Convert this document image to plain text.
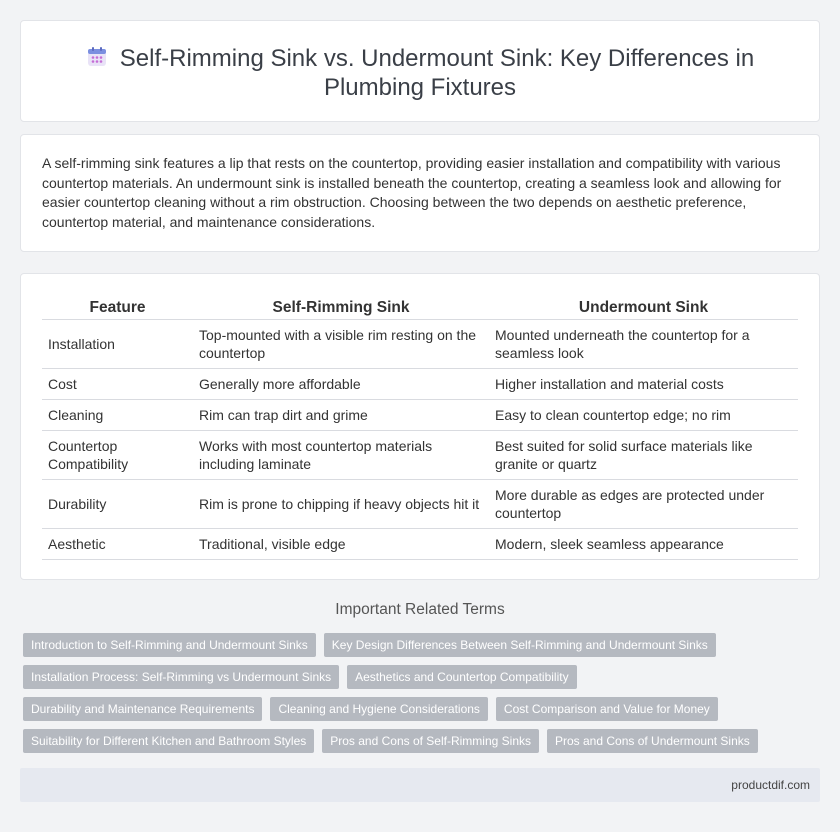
Self-Rimming Sink vs. Undermount Sink: Key Differences in
Plumbing Fixtures

A self-rimming sink features a lip that rests on the countertop, providing easier installation and compatibility with various countertop materials. An undermount sink is installed beneath the countertop, creating a seamless look and allowing for easier countertop cleaning without a rim obstruction. Choosing between the two depends on aesthetic preference, countertop material, and maintenance considerations.

Feature	Self-Rimming Sink	Undermount Sink
Installation	Top-mounted with a visible rim resting on the countertop	Mounted underneath the countertop for a seamless look
Cost	Generally more affordable	Higher installation and material costs
Cleaning	Rim can trap dirt and grime	Easy to clean countertop edge; no rim
Countertop Compatibility	Works with most countertop materials including laminate	Best suited for solid surface materials like granite or quartz
Durability	Rim is prone to chipping if heavy objects hit it	More durable as edges are protected under countertop
Aesthetic	Traditional, visible edge	Modern, sleek seamless appearance
Important Related Terms
Introduction to Self-Rimming and Undermount Sinks	Key Design Differences Between Self-Rimming and Undermount Sinks
Installation Process: Self-Rimming vs Undermount Sinks	Aesthetics and Countertop Compatibility
Durability and Maintenance Requirements	Cleaning and Hygiene Considerations	Cost Comparison and Value for Money
Suitability for Different Kitchen and Bathroom Styles	Pros and Cons of Self-Rimming Sinks	Pros and Cons of Undermount Sinks
productdif.com
